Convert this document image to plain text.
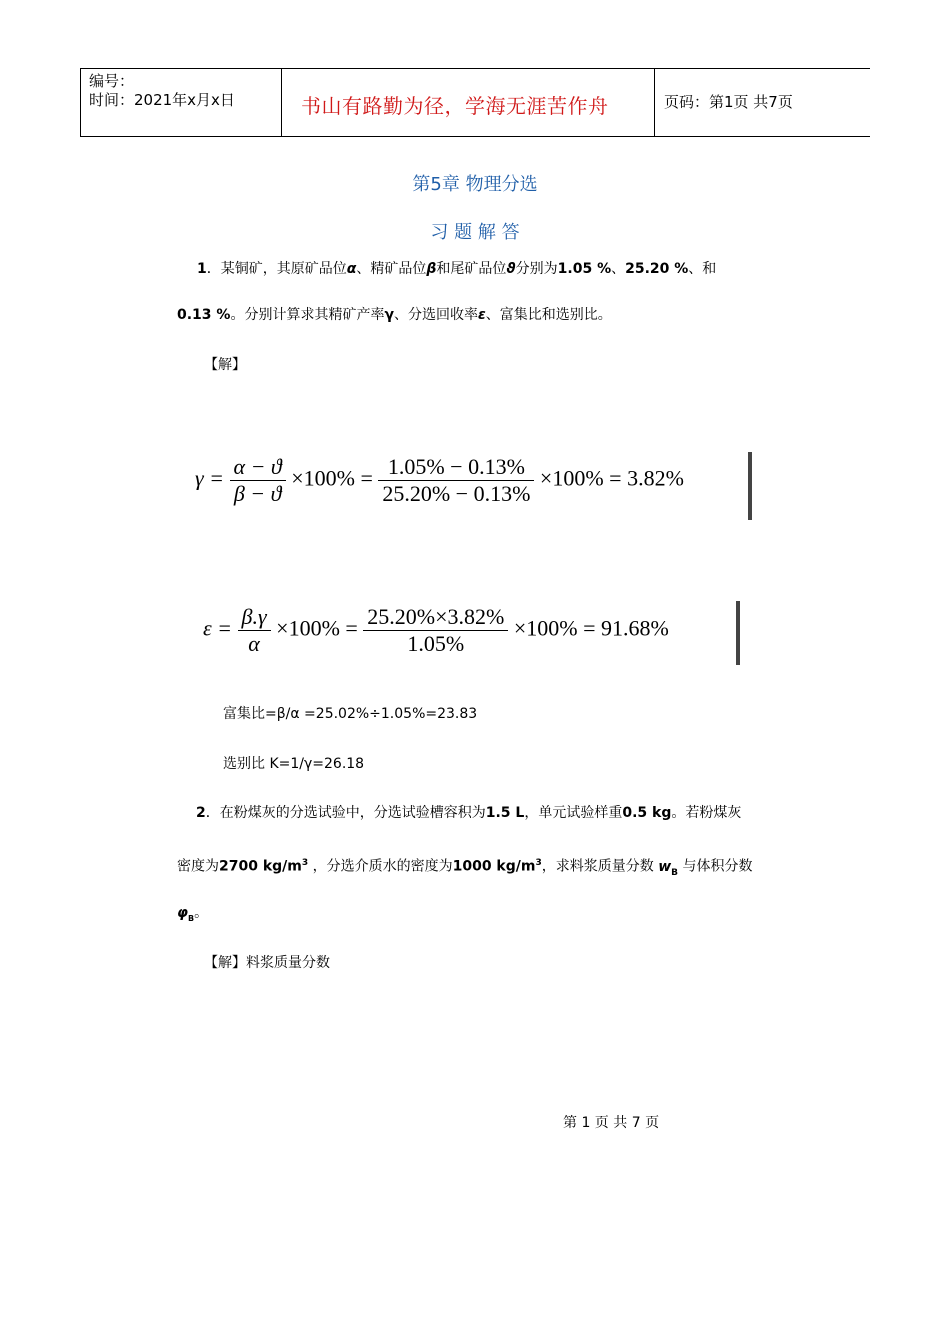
编号：
时间：2021年x月x日	书山有路勤为径，学海无涯苦作舟	页码：第1页 共7页
第5章 物理分选
习 题 解 答
1．某铜矿，其原矿品位α、精矿品位β和尾矿品位ϑ分别为1.05 %、25.20 %、和
0.13 %。分别计算求其精矿产率γ、分选回收率ε、富集比和选别比。
【解】
$\gamma = \frac{\alpha - ϑ}{\beta - ϑ} \times 100\% = \frac{1.05\% - 0.13\%}{25.20\% - 0.13\%} \times 100\% = 3.82\%$
$\varepsilon = \frac{\beta.\gamma}{\alpha} \times 100\% = \frac{25.20\%\times 3.82\%}{1.05\%} \times 100\% = 91.68\%$
富集比=β/α =25.02%÷1.05%=23.83
选别比 K=1/γ=26.18
2．在粉煤灰的分选试验中，分选试验槽容积为1.5 L，单元试验样重0.5 kg。若粉煤灰
密度为2700 $kg/m^3$ ，分选介质水的密度为1000 $kg/m^3$，求料浆质量分数 $w_B$ 与体积分数
$\varphi_B$。
【解】料浆质量分数
第 1 页 共 7 页
